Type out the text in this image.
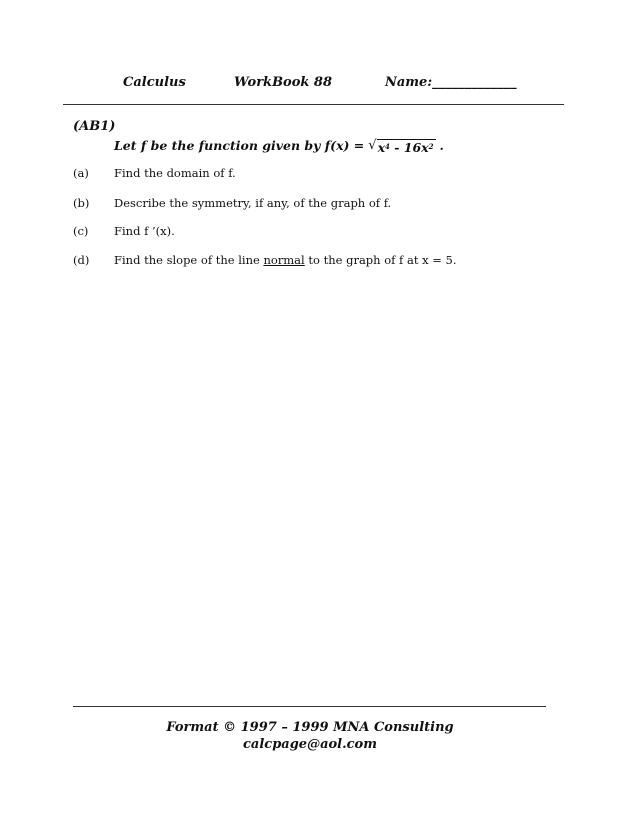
Calculus	WorkBook 88	Name:_____________
(AB1)
Let f be the function given by f(x) = √ $x^4 - 16x^2$ .
(a) Find the domain of f.
(b) Describe the symmetry, if any, of the graph of f.
(c) Find f ’(x).
(d) Find the slope of the line normal to the graph of f at x = 5.
Format © 1997 – 1999 MNA Consulting
calcpage@aol.com
